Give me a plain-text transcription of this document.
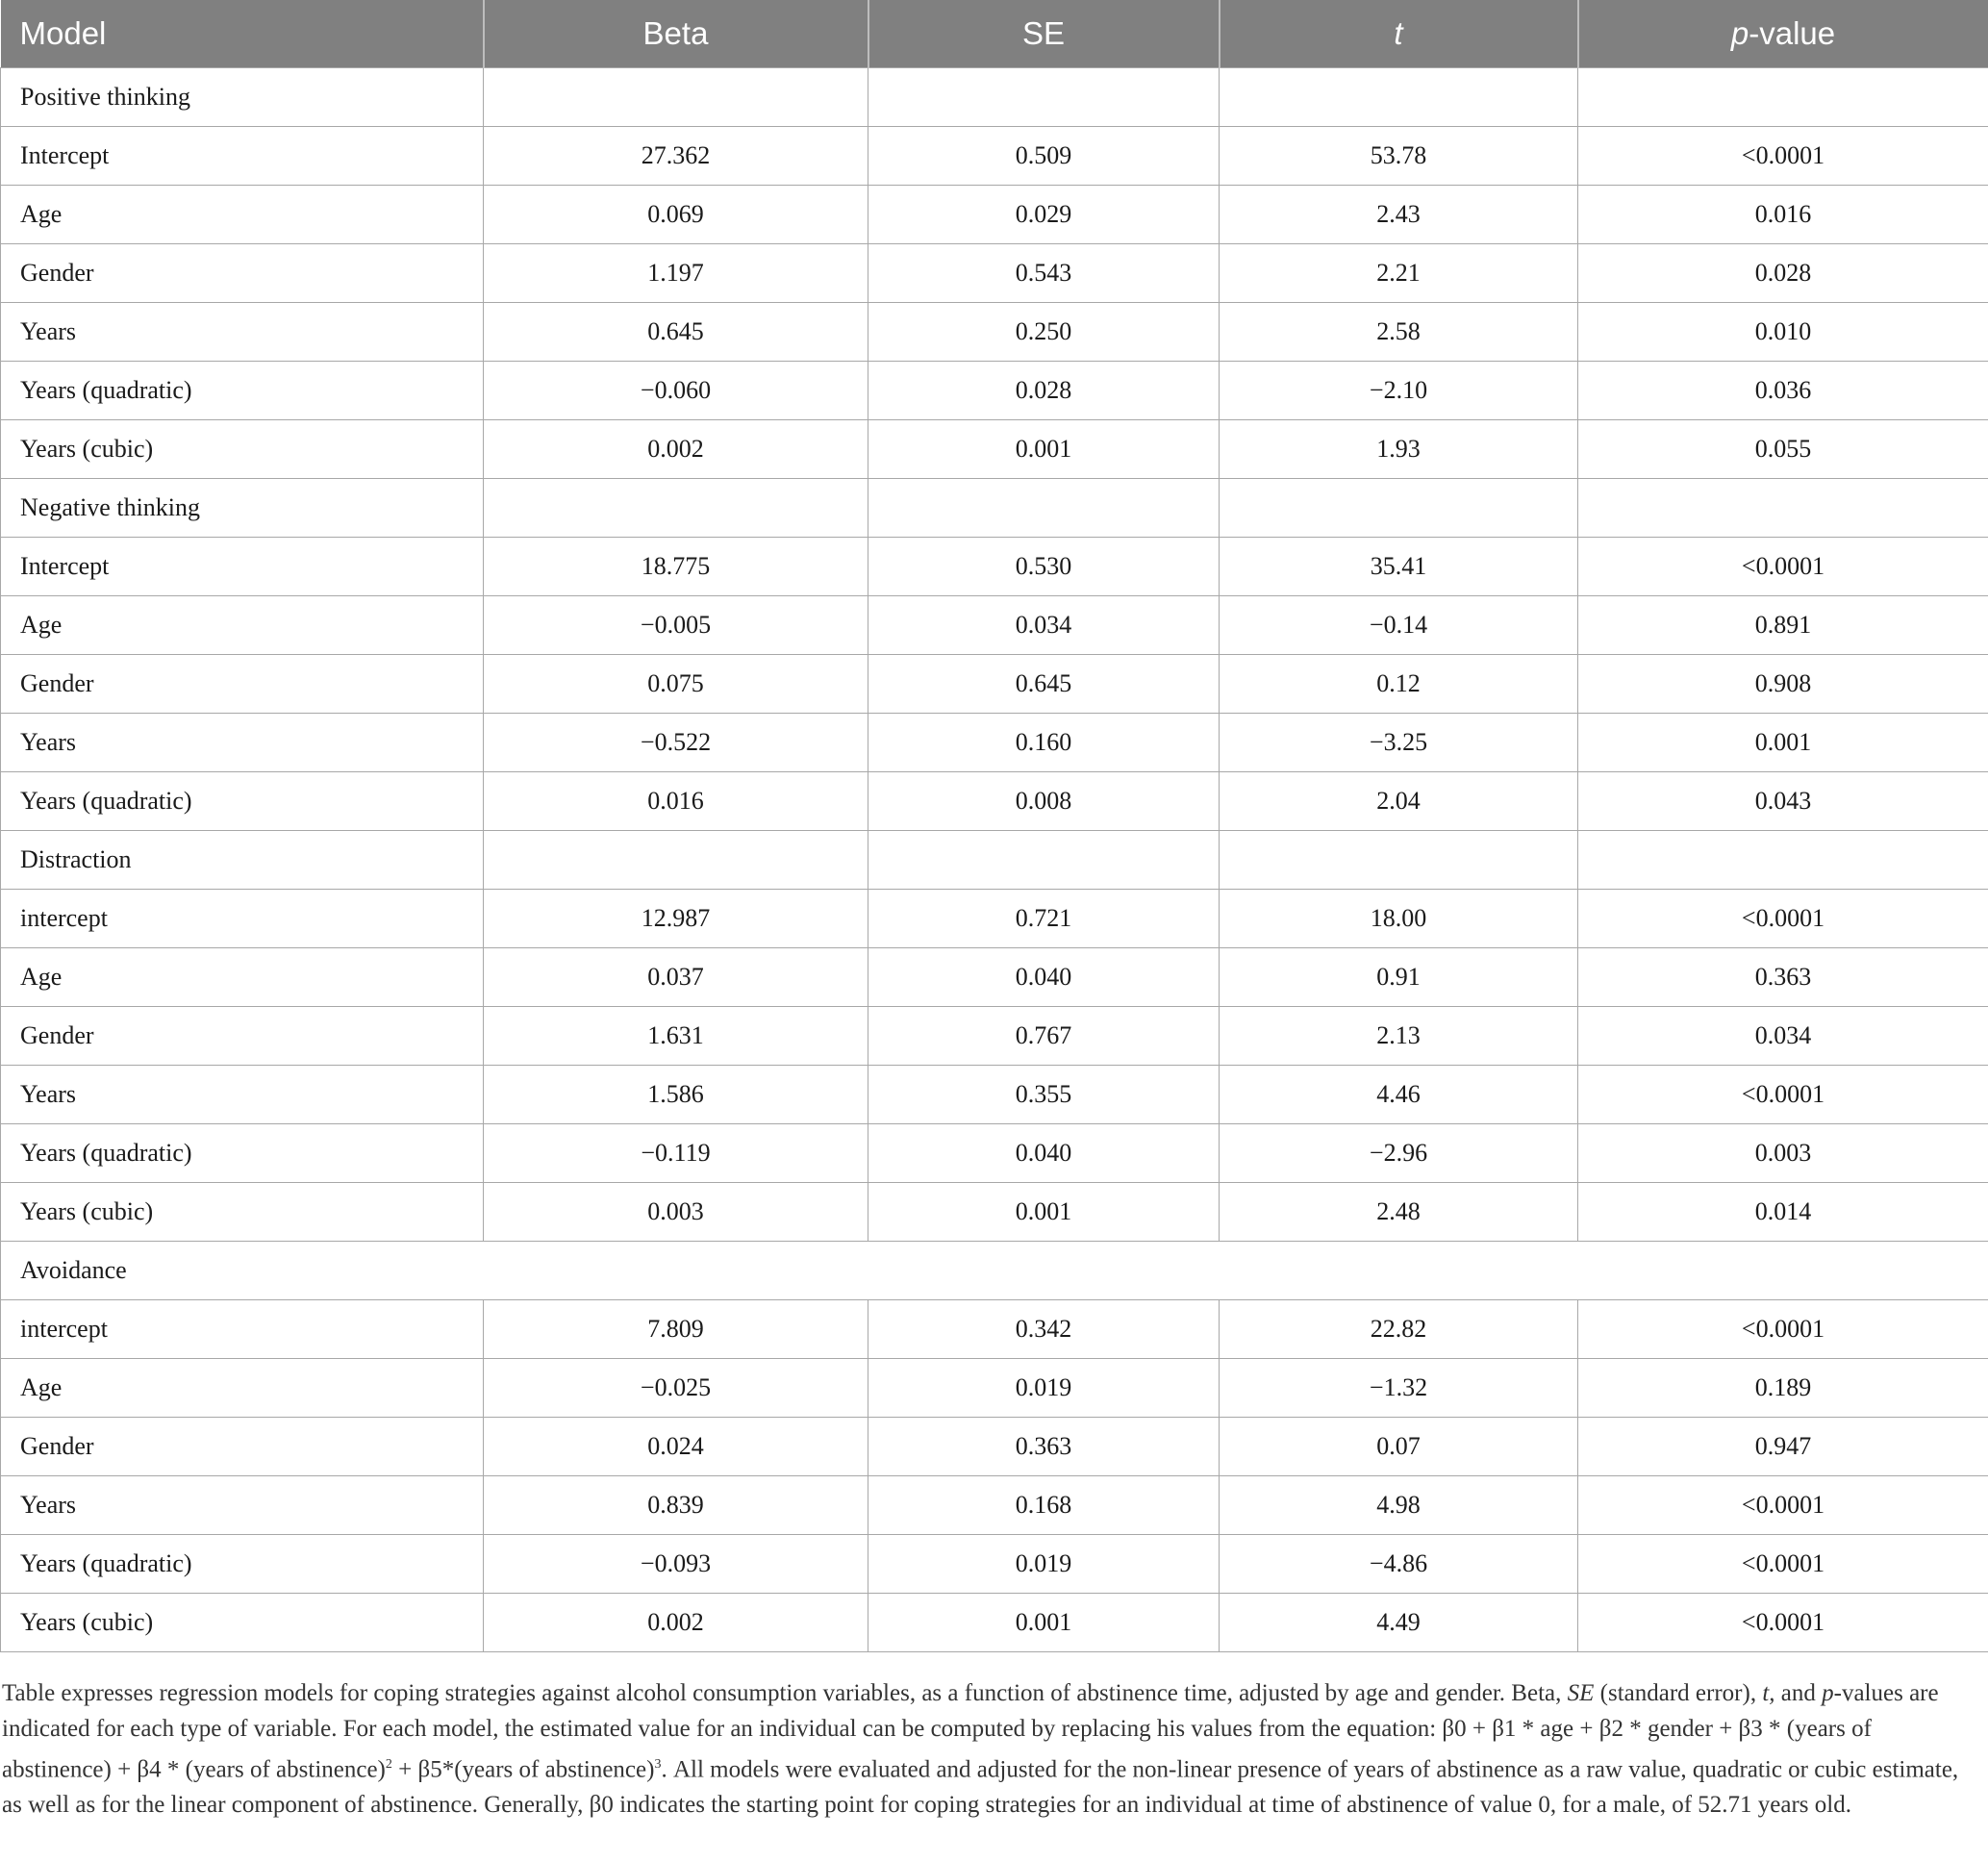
Model	Beta	SE	t	p-value
Positive thinking				
Intercept	27.362	0.509	53.78	<0.0001
Age	0.069	0.029	2.43	0.016
Gender	1.197	0.543	2.21	0.028
Years	0.645	0.250	2.58	0.010
Years (quadratic)	−0.060	0.028	−2.10	0.036
Years (cubic)	0.002	0.001	1.93	0.055
Negative thinking				
Intercept	18.775	0.530	35.41	<0.0001
Age	−0.005	0.034	−0.14	0.891
Gender	0.075	0.645	0.12	0.908
Years	−0.522	0.160	−3.25	0.001
Years (quadratic)	0.016	0.008	2.04	0.043
Distraction				
intercept	12.987	0.721	18.00	<0.0001
Age	0.037	0.040	0.91	0.363
Gender	1.631	0.767	2.13	0.034
Years	1.586	0.355	4.46	<0.0001
Years (quadratic)	−0.119	0.040	−2.96	0.003
Years (cubic)	0.003	0.001	2.48	0.014
Avoidance				
intercept	7.809	0.342	22.82	<0.0001
Age	−0.025	0.019	−1.32	0.189
Gender	0.024	0.363	0.07	0.947
Years	0.839	0.168	4.98	<0.0001
Years (quadratic)	−0.093	0.019	−4.86	<0.0001
Years (cubic)	0.002	0.001	4.49	<0.0001
Table expresses regression models for coping strategies against alcohol consumption variables, as a function of abstinence time, adjusted by age and gender. Beta, SE (standard error), t, and p-values are indicated for each type of variable. For each model, the estimated value for an individual can be computed by replacing his values from the equation: β0 + β1 * age + β2 * gender + β3 * (years of abstinence) + β4 * (years of abstinence)$^2$ + β5*(years of abstinence)$^3$. All models were evaluated and adjusted for the non-linear presence of years of abstinence as a raw value, quadratic or cubic estimate, as well as for the linear component of abstinence. Generally, β0 indicates the starting point for coping strategies for an individual at time of abstinence of value 0, for a male, of 52.71 years old.
